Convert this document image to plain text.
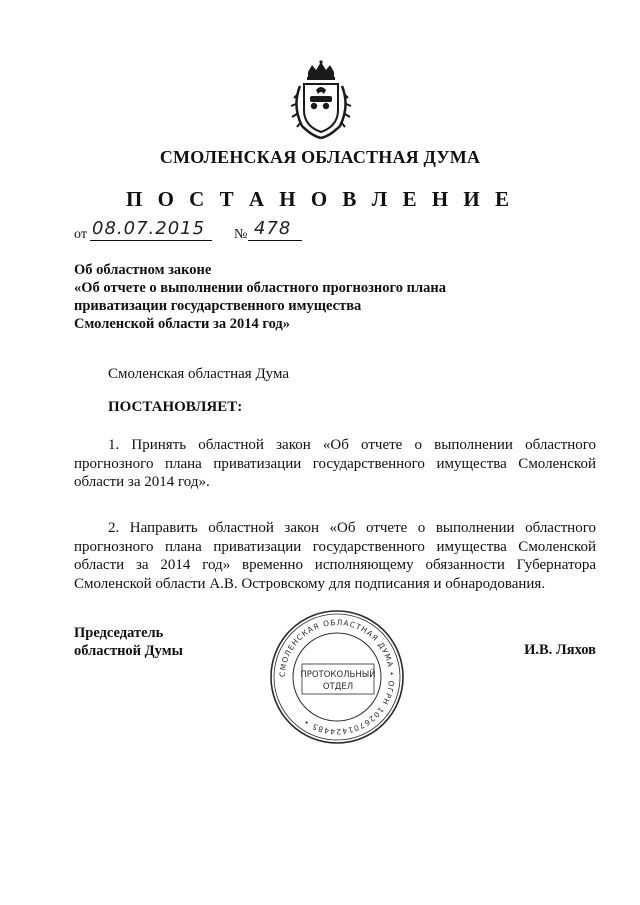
СМОЛЕНСКАЯ ОБЛАСТНАЯ ДУМА
П О С Т А Н О В Л Е Н И Е
от 08.07.2015 № 478
Об областном законе
«Об отчете о выполнении областного прогнозного плана
приватизации государственного имущества
Смоленской области за 2014 год»
Смоленская областная Дума
ПОСТАНОВЛЯЕТ:
1. Принять областной закон «Об отчете о выполнении областного
прогнозного плана приватизации государственного имущества Смоленской
области за 2014 год».
2. Направить областной закон «Об отчете о выполнении областного
прогнозного плана приватизации государственного имущества Смоленской
области за 2014 год» временно исполняющему обязанности Губернатора
Смоленской области А.В. Островскому для подписания и обнародования.
Председатель
областной Думы	И.В. Ляхов
СМОЛЕНСКАЯ ОБЛАСТНАЯ ДУМА • ОГРН 1026701424485 •
ПРОТОКОЛЬНЫЙ
ОТДЕЛ
